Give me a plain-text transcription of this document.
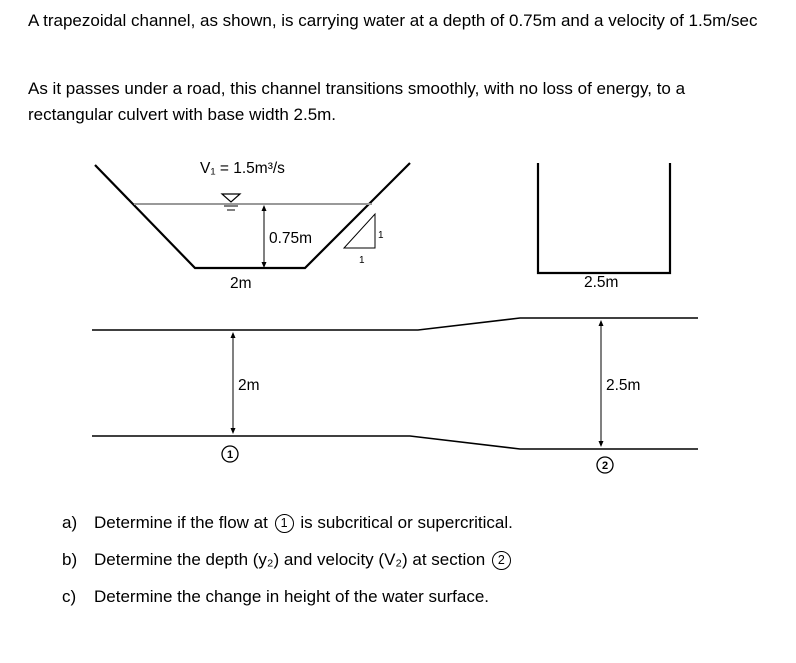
A trapezoidal channel, as shown, is carrying water at a depth of 0.75m and a velocity of 1.5m/sec

As it passes under a road, this channel transitions smoothly, with no loss of energy, to a rectangular culvert with base width 2.5m.

V₁ = 1.5m³/s
0.75m
2m
1
1
2.5m
2m	2.5m
1
2
a) Determine if the flow at 1 is subcritical or supercritical.
b) Determine the depth (y₂) and velocity (V₂) at section 2
c) Determine the change in height of the water surface.
